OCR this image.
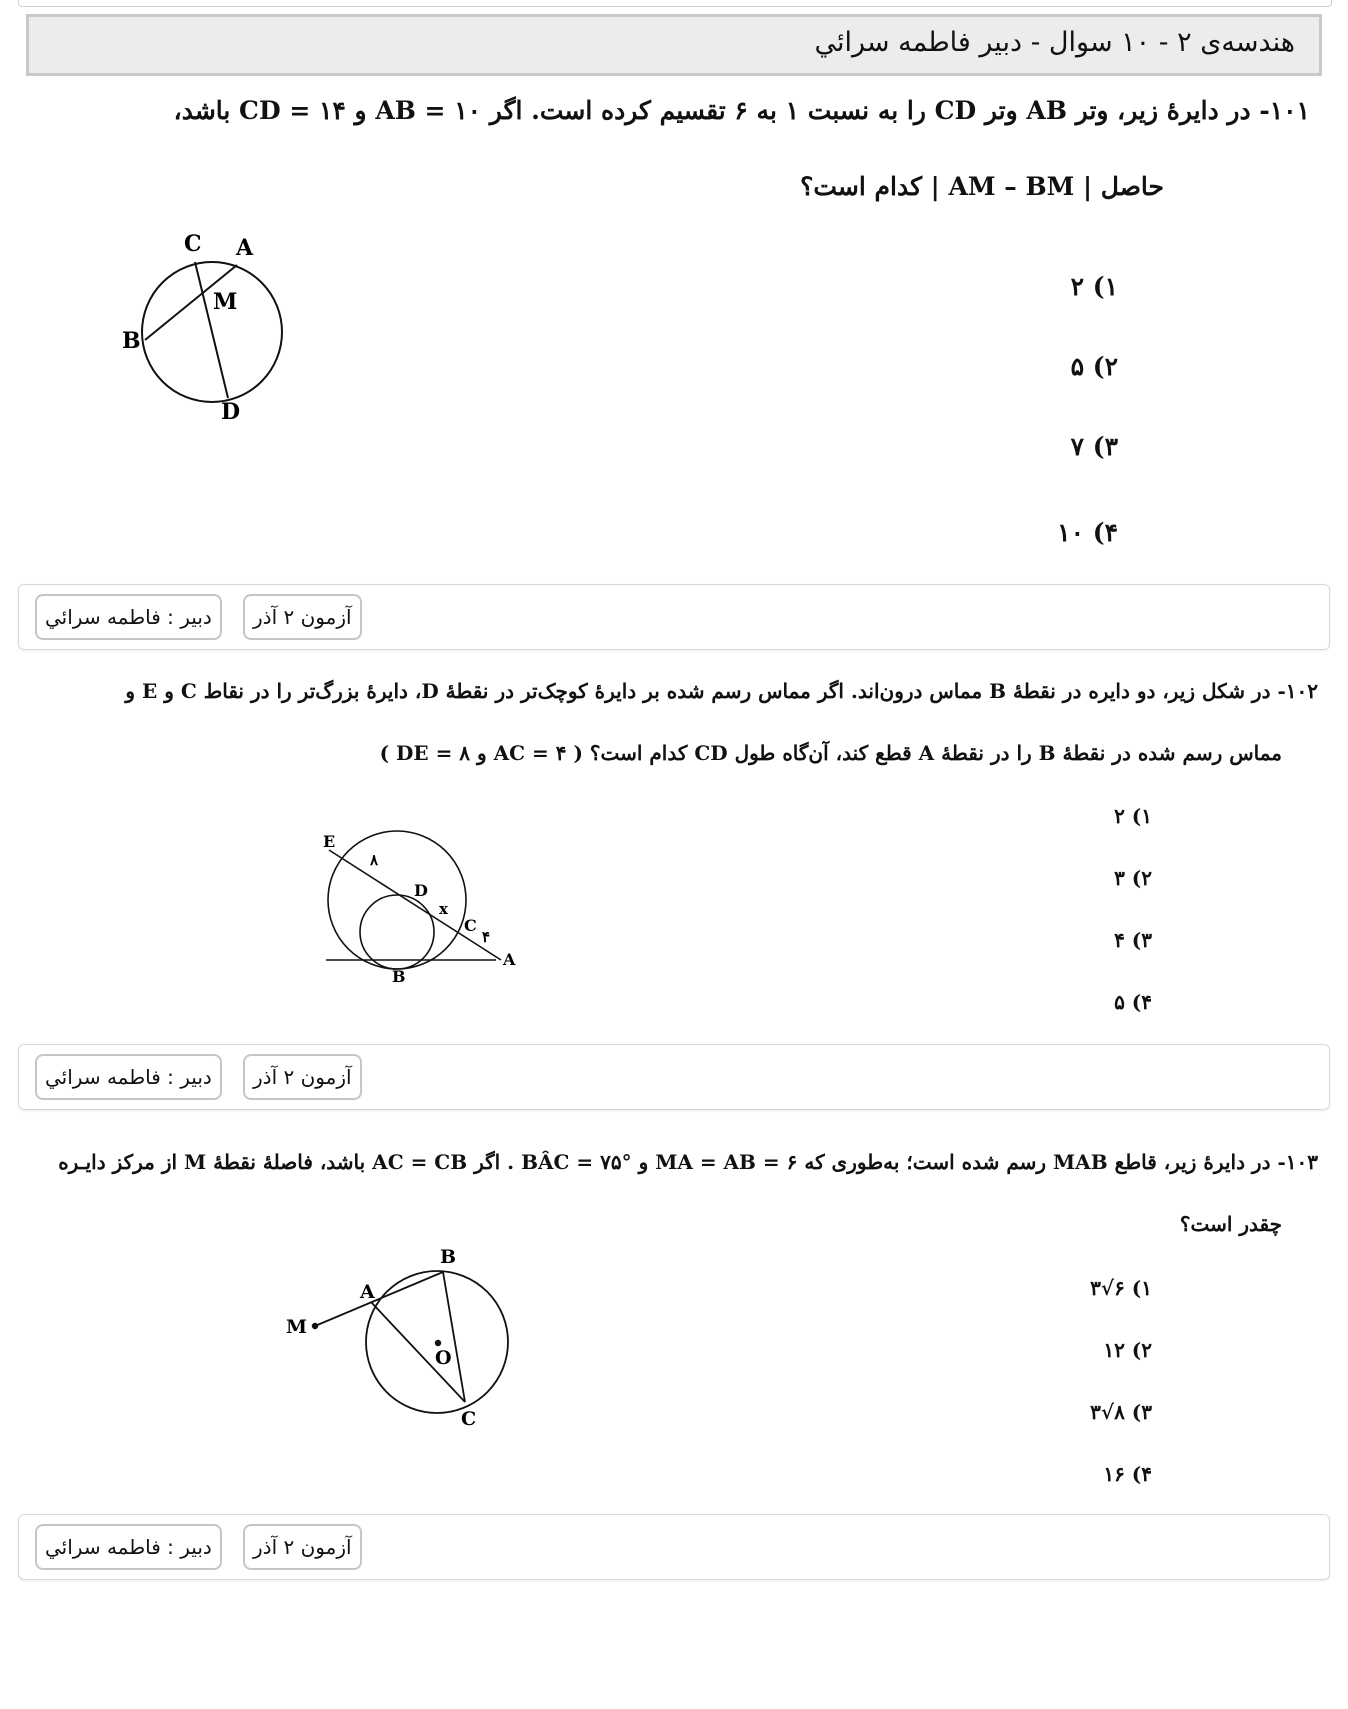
هندسه‌ی ۲ - ۱۰ سوال - دبیر فاطمه سرائي
۱۰۱- در دایرهٔ زیر، وتر AB وتر CD را به نسبت ۱ به ۶ تقسیم کرده است. اگر AB = ۱۰ و CD = ۱۴ باشد،
حاصل | AM – BM | کدام است؟
C A
M
B
D
۱) ۲
۲) ۵
۳) ۷
۴) ۱۰
دبیر : فاطمه سرائي	آزمون ۲ آذر
۱۰۲- در شکل زیر، دو دایره در نقطهٔ B مماس درون‌اند. اگر مماس رسم شده بر دایرهٔ کوچک‌تر در نقطهٔ D، دایرهٔ بزرگ‌تر را در نقاط C و E و
مماس رسم شده در نقطهٔ B را در نقطهٔ A قطع کند، آن‌گاه طول CD کدام است؟ ( AC = ۴ و DE = ۸ )
E
۸
D
x
C
۴
A
B
۱) ۲
۲) ۳
۳) ۴
۴) ۵
دبیر : فاطمه سرائي	آزمون ۲ آذر
۱۰۳- در دایرهٔ زیر، قاطع MAB رسم شده است؛ به‌طوری که MA = AB = ۶ و BÂC = ۷۵° . اگر AC = CB باشد، فاصلهٔ نقطهٔ M از مرکز دایـره
چقدر است؟
B
A
M
O
C
۱) ۶√۳
۲) ۱۲
۳) ۸√۳
۴) ۱۶
دبیر : فاطمه سرائي	آزمون ۲ آذر
